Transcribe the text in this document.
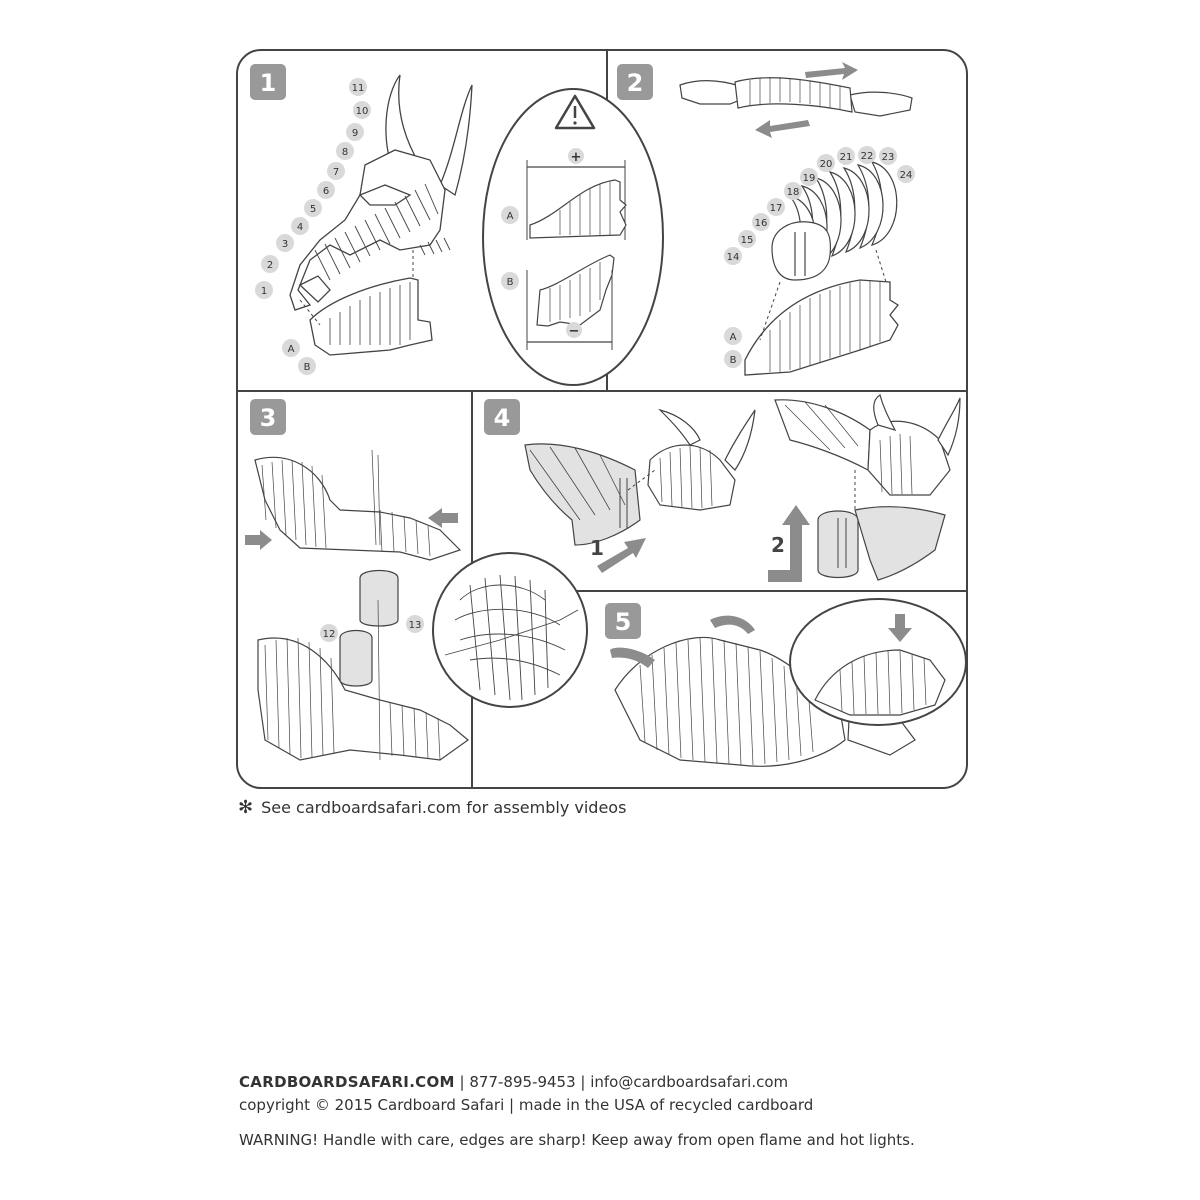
1
1
2
3
4
5
6
7
8
9
10
11
A
B
+
−
A
B
2
14
15
16
17
18
19
20
21 22 23
24
A
B
3
12
13
4
1	2
5
✻ See cardboardsafari.com for assembly videos
CARDBOARDSAFARI.COM | 877-895-9453 | info@cardboardsafari.com
copyright © 2015 Cardboard Safari | made in the USA of recycled cardboard
WARNING! Handle with care, edges are sharp! Keep away from open flame and hot lights.
